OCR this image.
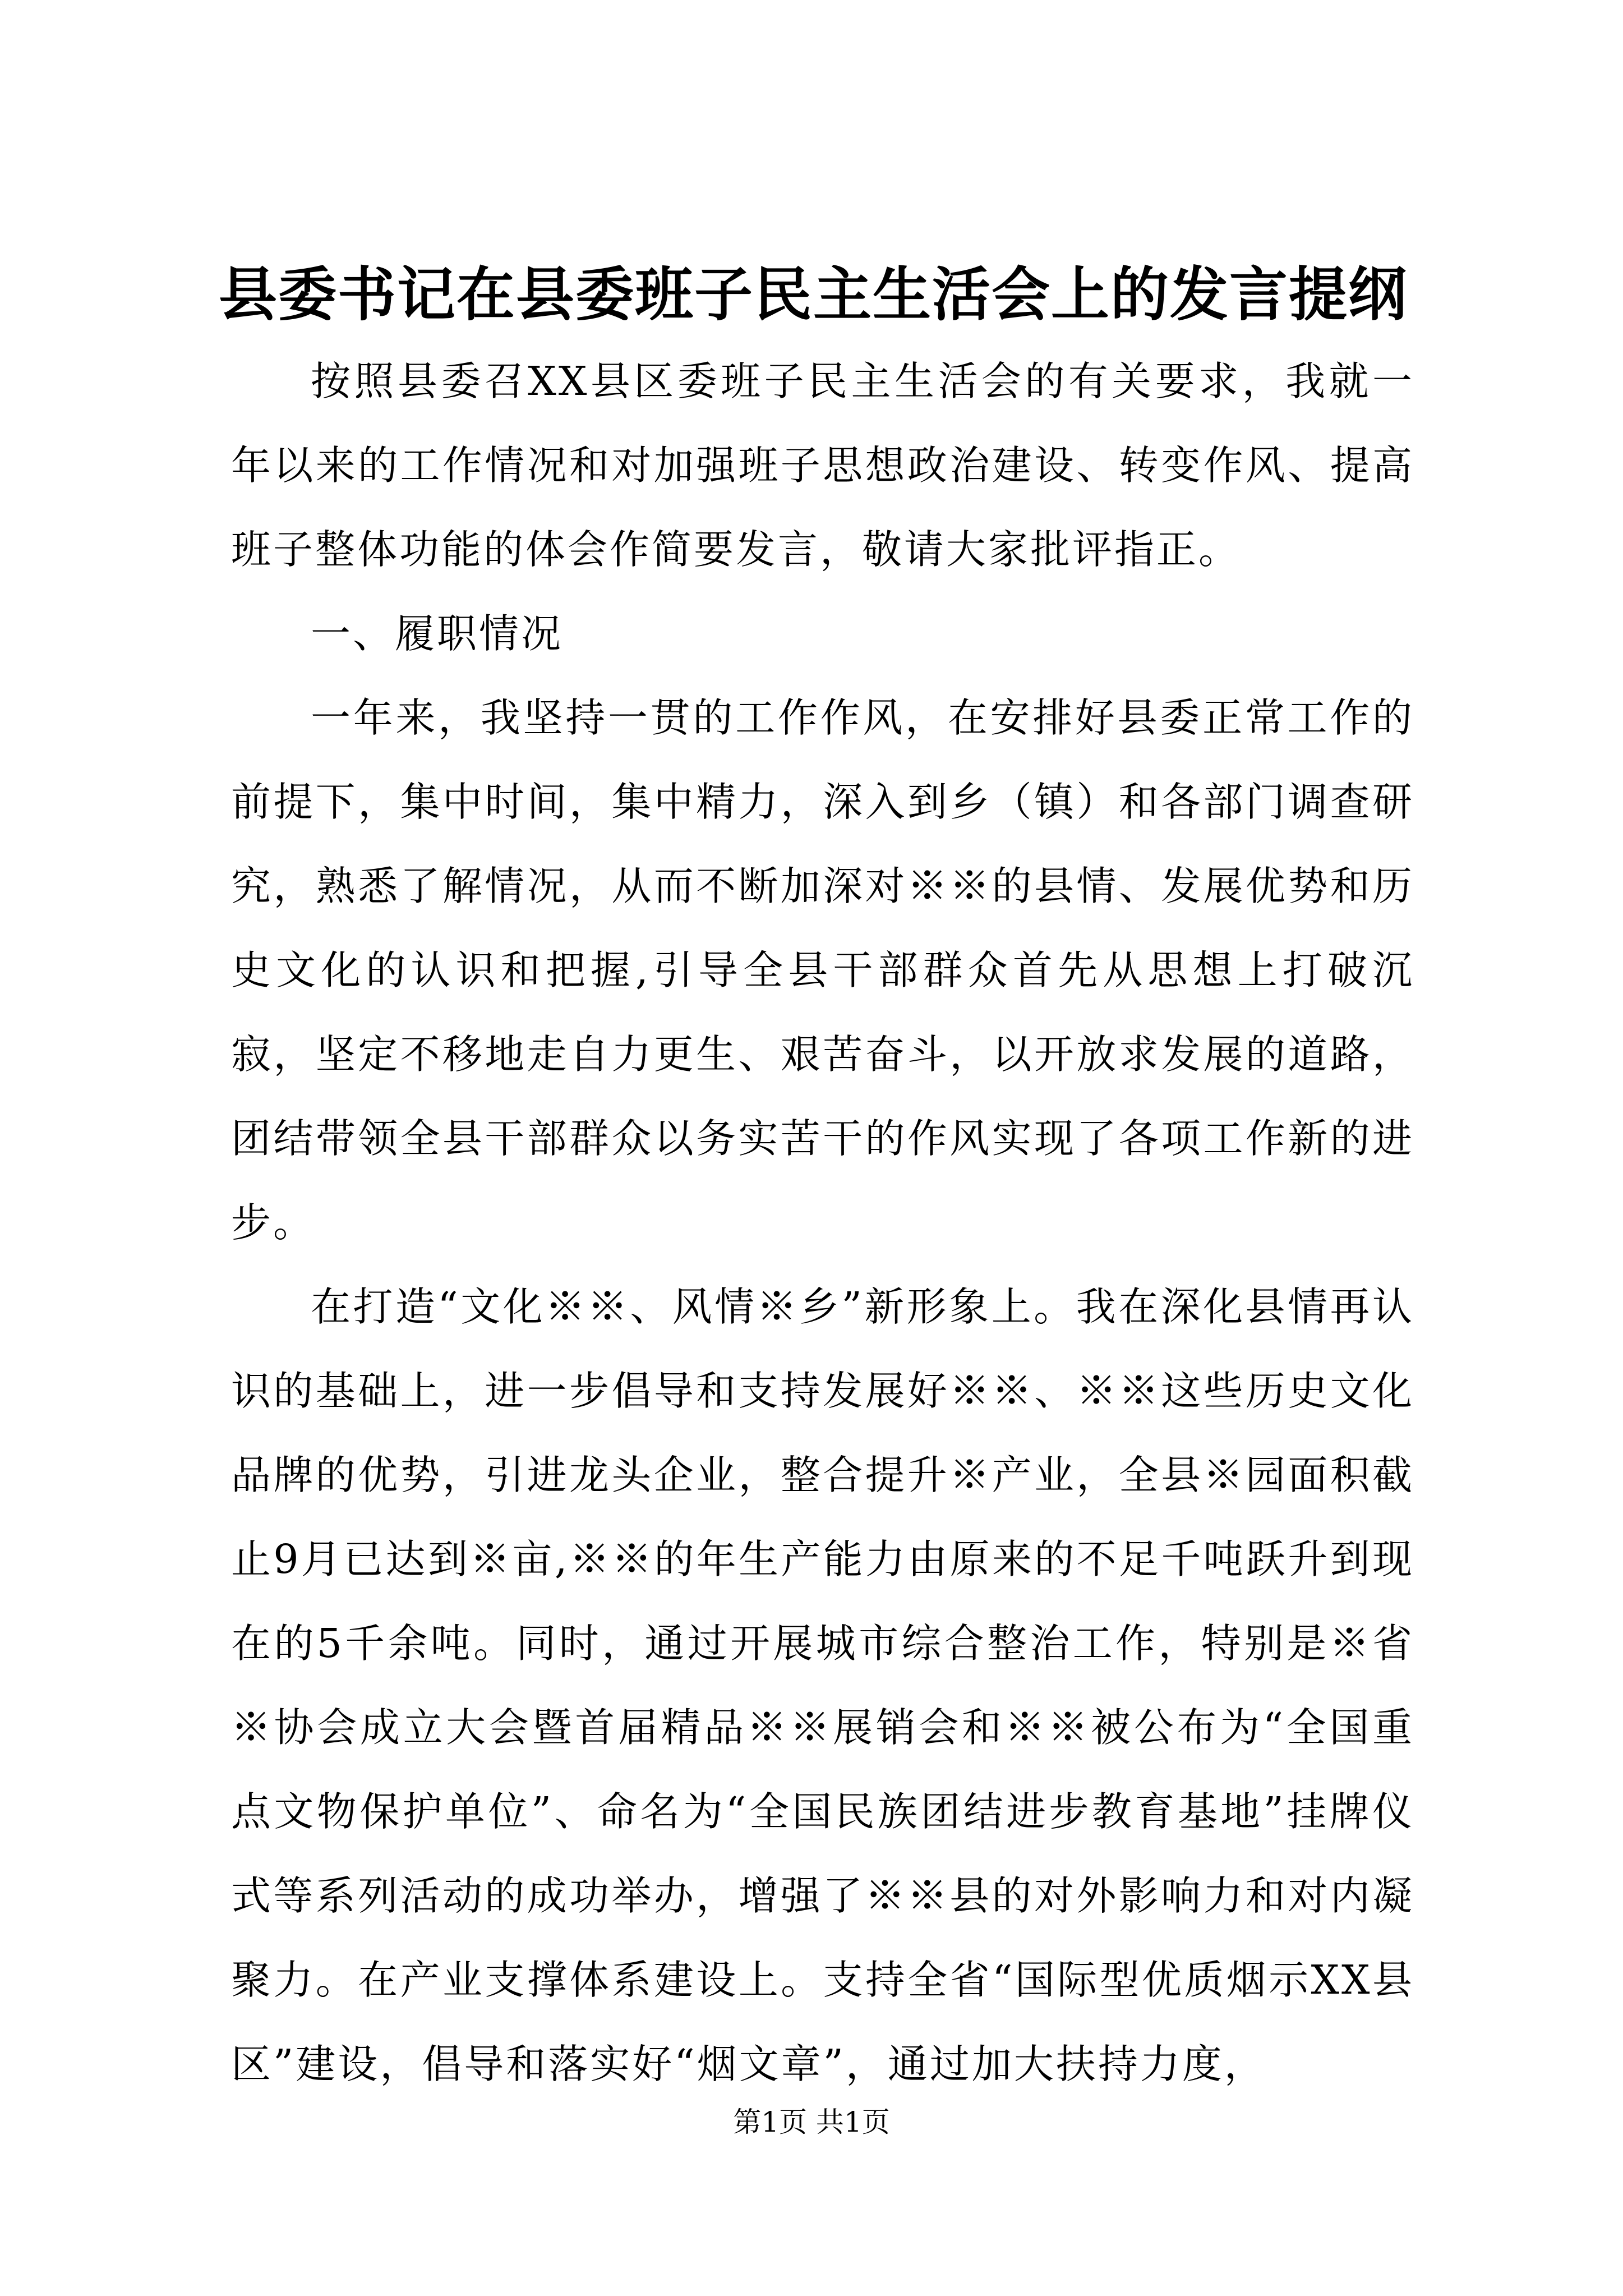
县委书记在县委班子民主生活会上的发言提纲

按照县委召XX县区委班子民主生活会的有关要求，我就一年以来的工作情况和对加强班子思想政治建设、转变作风、提高班子整体功能的体会作简要发言，敬请大家批评指正。

一、履职情况

一年来，我坚持一贯的工作作风，在安排好县委正常工作的前提下，集中时间，集中精力，深入到乡（镇）和各部门调查研究，熟悉了解情况，从而不断加深对※※的县情、发展优势和历史文化的认识和把握,引导全县干部群众首先从思想上打破沉寂，坚定不移地走自力更生、艰苦奋斗，以开放求发展的道路，团结带领全县干部群众以务实苦干的作风实现了各项工作新的进步。

在打造“文化※※、风情※乡”新形象上。我在深化县情再认识的基础上，进一步倡导和支持发展好※※、※※这些历史文化品牌的优势，引进龙头企业，整合提升※产业，全县※园面积截止9月已达到※亩,※※的年生产能力由原来的不足千吨跃升到现在的5千余吨。同时，通过开展城市综合整治工作，特别是※省※协会成立大会暨首届精品※※展销会和※※被公布为“全国重点文物保护单位”、命名为“全国民族团结进步教育基地”挂牌仪式等系列活动的成功举办，增强了※※县的对外影响力和对内凝聚力。在产业支撑体系建设上。支持全省“国际型优质烟示XX县区”建设，倡导和落实好“烟文章”，通过加大扶持力度，

第1页 共1页
